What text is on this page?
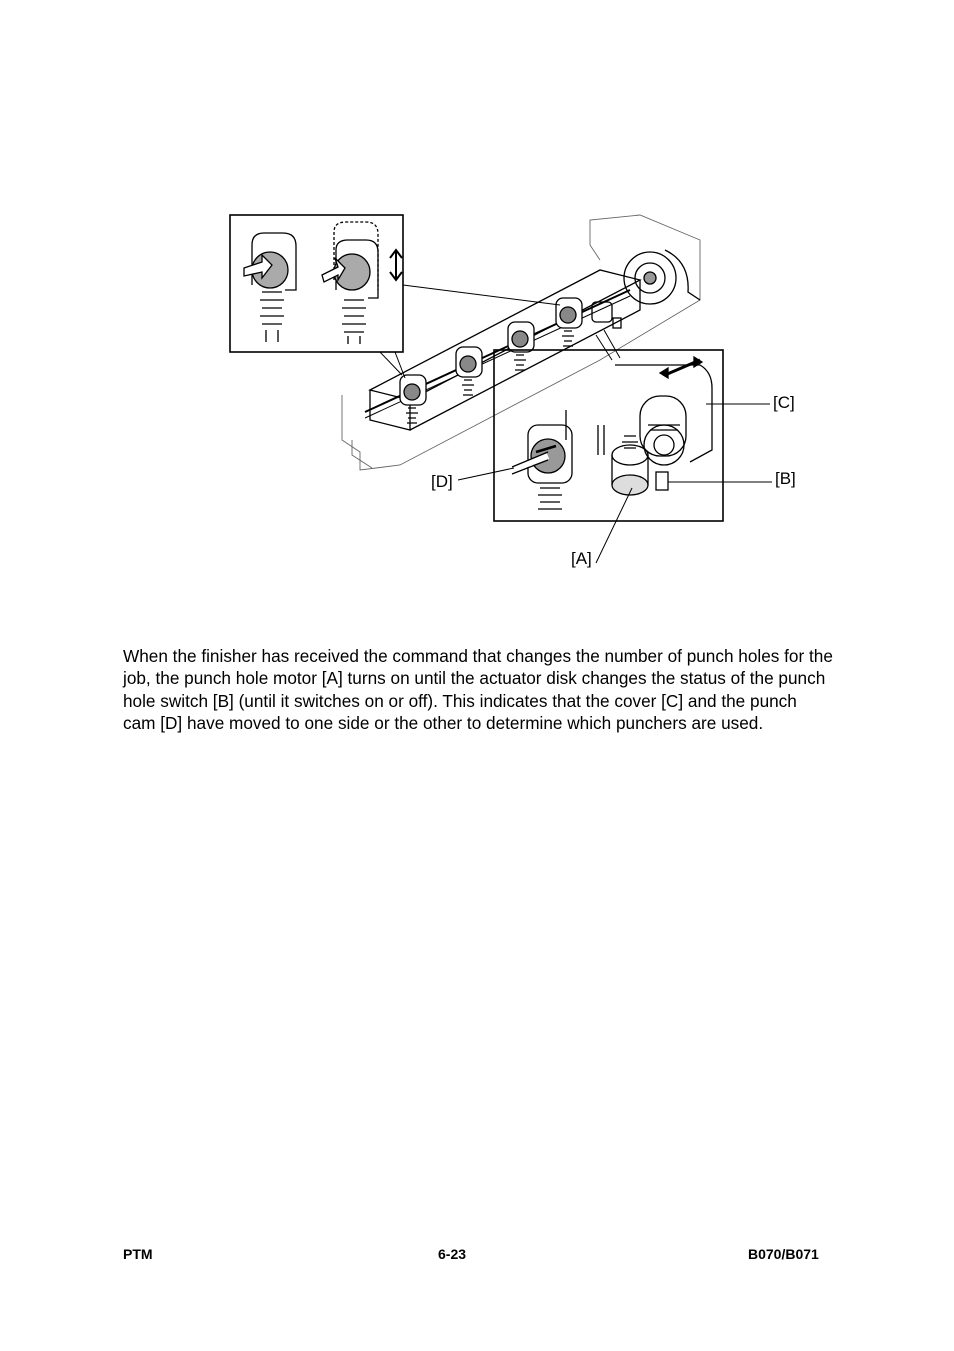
[C]
[B]
[D]
[A]

When the finisher has received the command that changes the number of punch holes for the job, the punch hole motor [A] turns on until the actuator disk changes the status of the punch hole switch [B] (until it switches on or off). This indicates that the cover [C] and the punch cam [D] have moved to one side or the other to determine which punchers are used.

PTM	6-23	B070/B071
